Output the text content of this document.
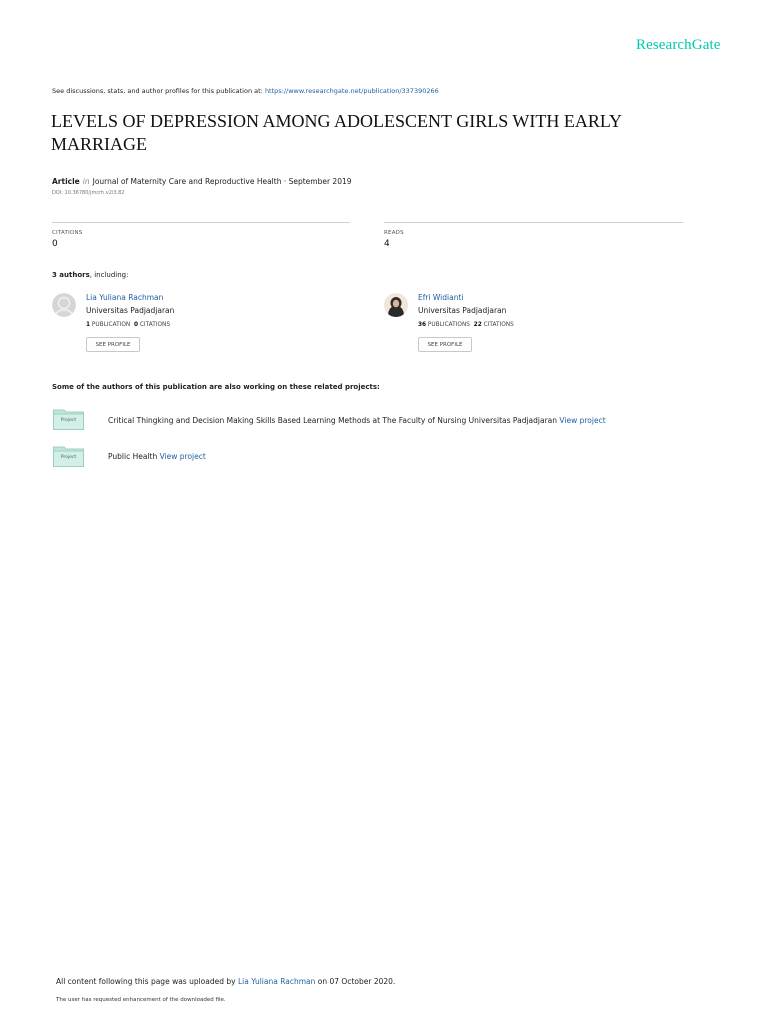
ResearchGate
See discussions, stats, and author profiles for this publication at: https://www.researchgate.net/publication/337390266
LEVELS OF DEPRESSION AMONG ADOLESCENT GIRLS WITH EARLY MARRIAGE
Article in Journal of Maternity Care and Reproductive Health · September 2019
DOI: 10.36780/jmcrh.v2i3.82
CITATIONS
0
READS
4
3 authors, including:
Lia Yuliana Rachman
Universitas Padjadjaran
1 PUBLICATION 0 CITATIONS
SEE PROFILE
Efri Widianti
Universitas Padjadjaran
36 PUBLICATIONS 22 CITATIONS
SEE PROFILE
Some of the authors of this publication are also working on these related projects:
Project	Critical Thingking and Decision Making Skills Based Learning Methods at The Faculty of Nursing Universitas Padjadjaran View project
Project	Public Health View project
All content following this page was uploaded by Lia Yuliana Rachman on 07 October 2020.
The user has requested enhancement of the downloaded file.
